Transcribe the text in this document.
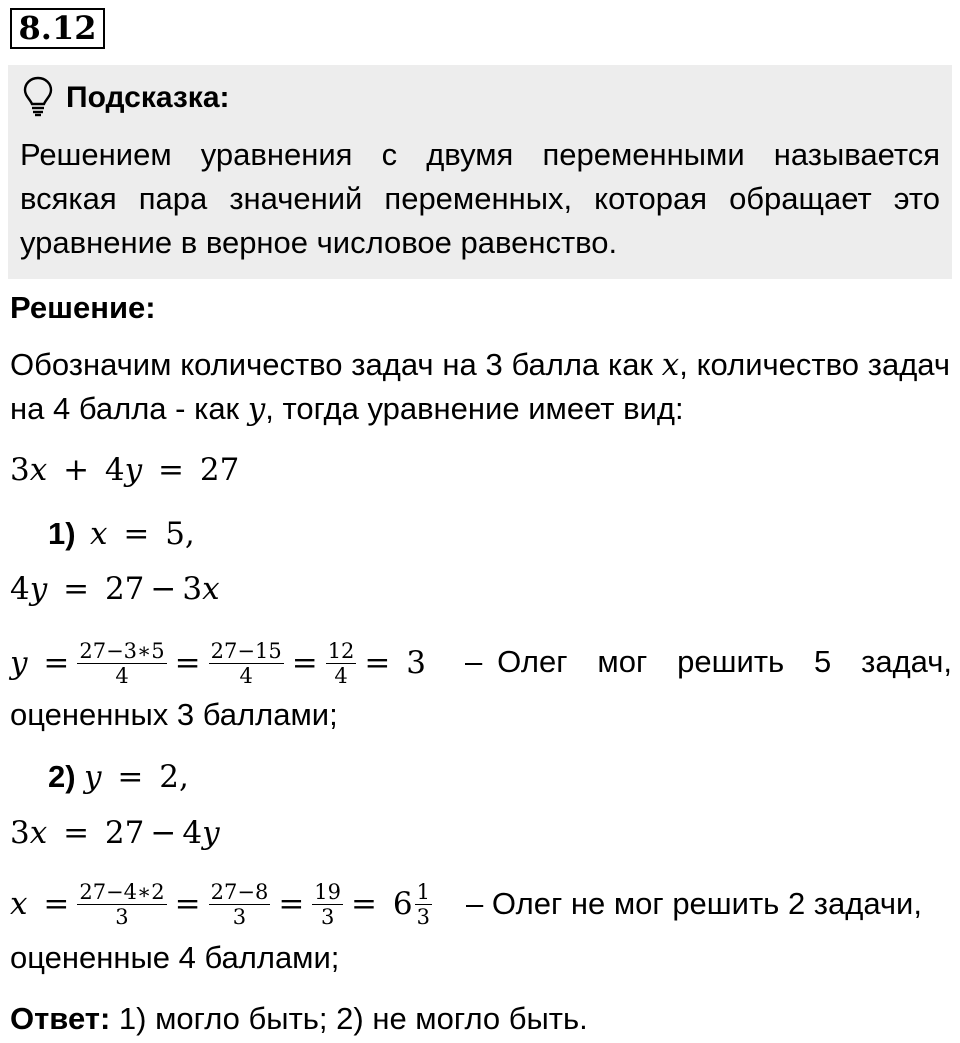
8.12
Подсказка:
Решением уравнения с двумя переменными называется всякая пара значений переменных, которая обращает это уравнение в верное числовое равенство.
Решение:
Обозначим количество задач на 3 балла как x, количество задач на 4 балла - как y, тогда уравнение имеет вид:
3x + 4y = 27
1) x = 5,
4y = 27 − 3x
$y = \frac{27-3∗5}{4} = \frac{27-15}{4} = \frac{12}{4} = 3$ – Олег  мог  решить  5  задач,
оцененных 3 баллами;
2) y = 2,
3x = 27 − 4y
$x = \frac{27-4∗2}{3} = \frac{27-8}{3} = \frac{19}{3} = 6 \frac{1}{3}$ – Олег не мог решить 2 задачи,
оцененные 4 баллами;
Ответ: 1) могло быть; 2) не могло быть.
